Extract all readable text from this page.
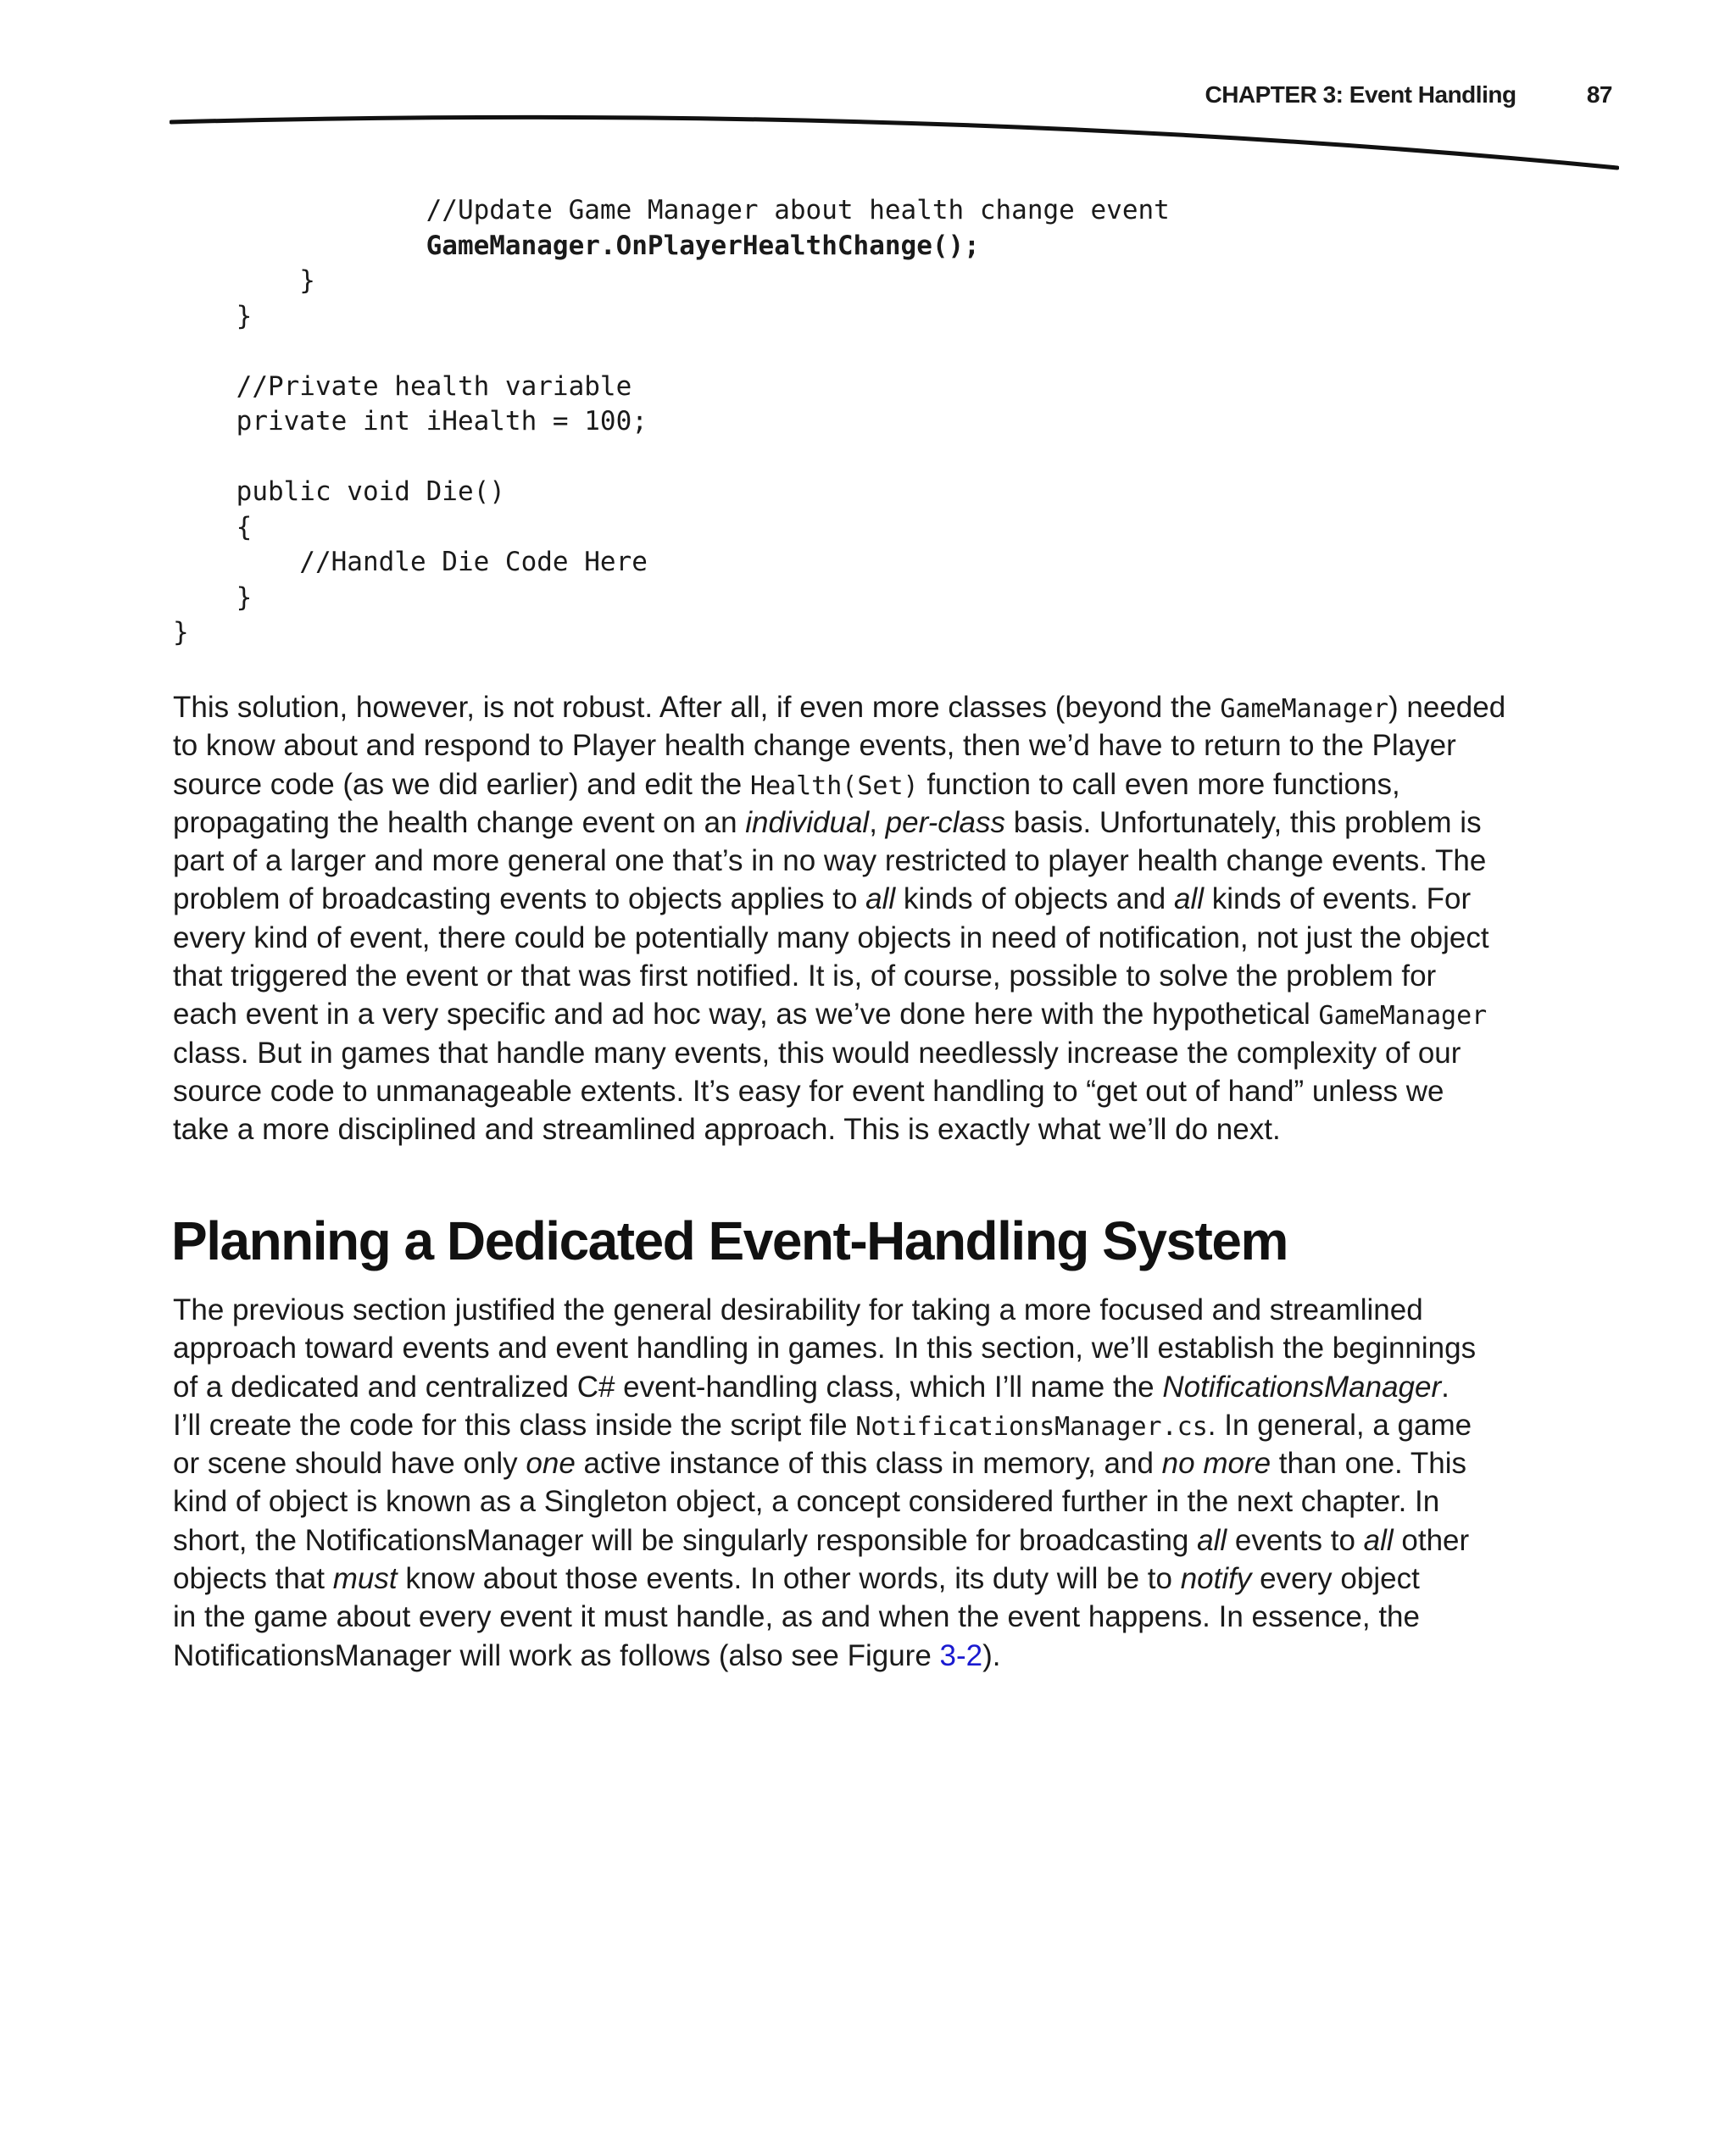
CHAPTER 3: Event Handling	87
//Update Game Manager about health change event
GameManager.OnPlayerHealthChange();
}
}
//Private health variable
private int iHealth = 100;
public void Die()
{
//Handle Die Code Here
}
}

This solution, however, is not robust. After all, if even more classes (beyond the GameManager) needed
to know about and respond to Player health change events, then we’d have to return to the Player
source code (as we did earlier) and edit the Health(Set) function to call even more functions,
propagating the health change event on an individual, per-class basis. Unfortunately, this problem is
part of a larger and more general one that’s in no way restricted to player health change events. The
problem of broadcasting events to objects applies to all kinds of objects and all kinds of events. For
every kind of event, there could be potentially many objects in need of notification, not just the object
that triggered the event or that was first notified. It is, of course, possible to solve the problem for
each event in a very specific and ad hoc way, as we’ve done here with the hypothetical GameManager
class. But in games that handle many events, this would needlessly increase the complexity of our
source code to unmanageable extents. It’s easy for event handling to “get out of hand” unless we
take a more disciplined and streamlined approach. This is exactly what we’ll do next.

Planning a Dedicated Event-Handling System

The previous section justified the general desirability for taking a more focused and streamlined
approach toward events and event handling in games. In this section, we’ll establish the beginnings
of a dedicated and centralized C# event-handling class, which I’ll name the NotificationsManager.
I’ll create the code for this class inside the script file NotificationsManager.cs. In general, a game
or scene should have only one active instance of this class in memory, and no more than one. This
kind of object is known as a Singleton object, a concept considered further in the next chapter. In
short, the NotificationsManager will be singularly responsible for broadcasting all events to all other
objects that must know about those events. In other words, its duty will be to notify every object
in the game about every event it must handle, as and when the event happens. In essence, the
NotificationsManager will work as follows (also see Figure 3-2).
